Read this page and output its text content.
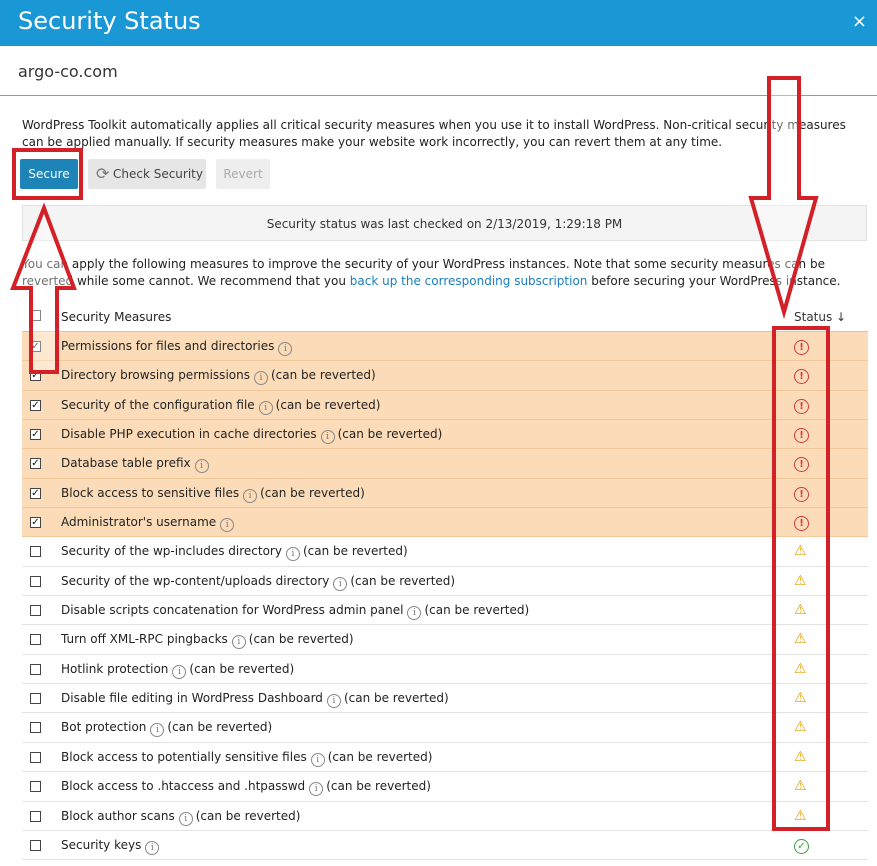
Security Status	×
argo-co.com
WordPress Toolkit automatically applies all critical security measures when you use it to install WordPress. Non-critical security measures can be applied manually. If security measures make your website work incorrectly, you can revert them at any time.
Secure	⟳ Check Security	Revert
Security status was last checked on 2/13/2019, 1:29:18 PM
You can apply the following measures to improve the security of your WordPress instances. Note that some security measures can be reverted while some cannot. We recommend that you back up the corresponding subscription before securing your WordPress instance.
Security Measures	Status ↓
✓ Permissions for files and directories i	!
✓ Directory browsing permissions i (can be reverted)	!
✓ Security of the configuration file i (can be reverted)	!
✓ Disable PHP execution in cache directories i (can be reverted)	!
✓ Database table prefix i	!
✓ Block access to sensitive files i (can be reverted)	!
✓ Administrator's username i	!
Security of the wp-includes directory i (can be reverted)	⚠
Security of the wp-content/uploads directory i (can be reverted)	⚠
Disable scripts concatenation for WordPress admin panel i (can be reverted)	⚠
Turn off XML-RPC pingbacks i (can be reverted)	⚠
Hotlink protection i (can be reverted)	⚠
Disable file editing in WordPress Dashboard i (can be reverted)	⚠
Bot protection i (can be reverted)	⚠
Block access to potentially sensitive files i (can be reverted)	⚠
Block access to .htaccess and .htpasswd i (can be reverted)	⚠
Block author scans i (can be reverted)	⚠
Security keys i	✓
